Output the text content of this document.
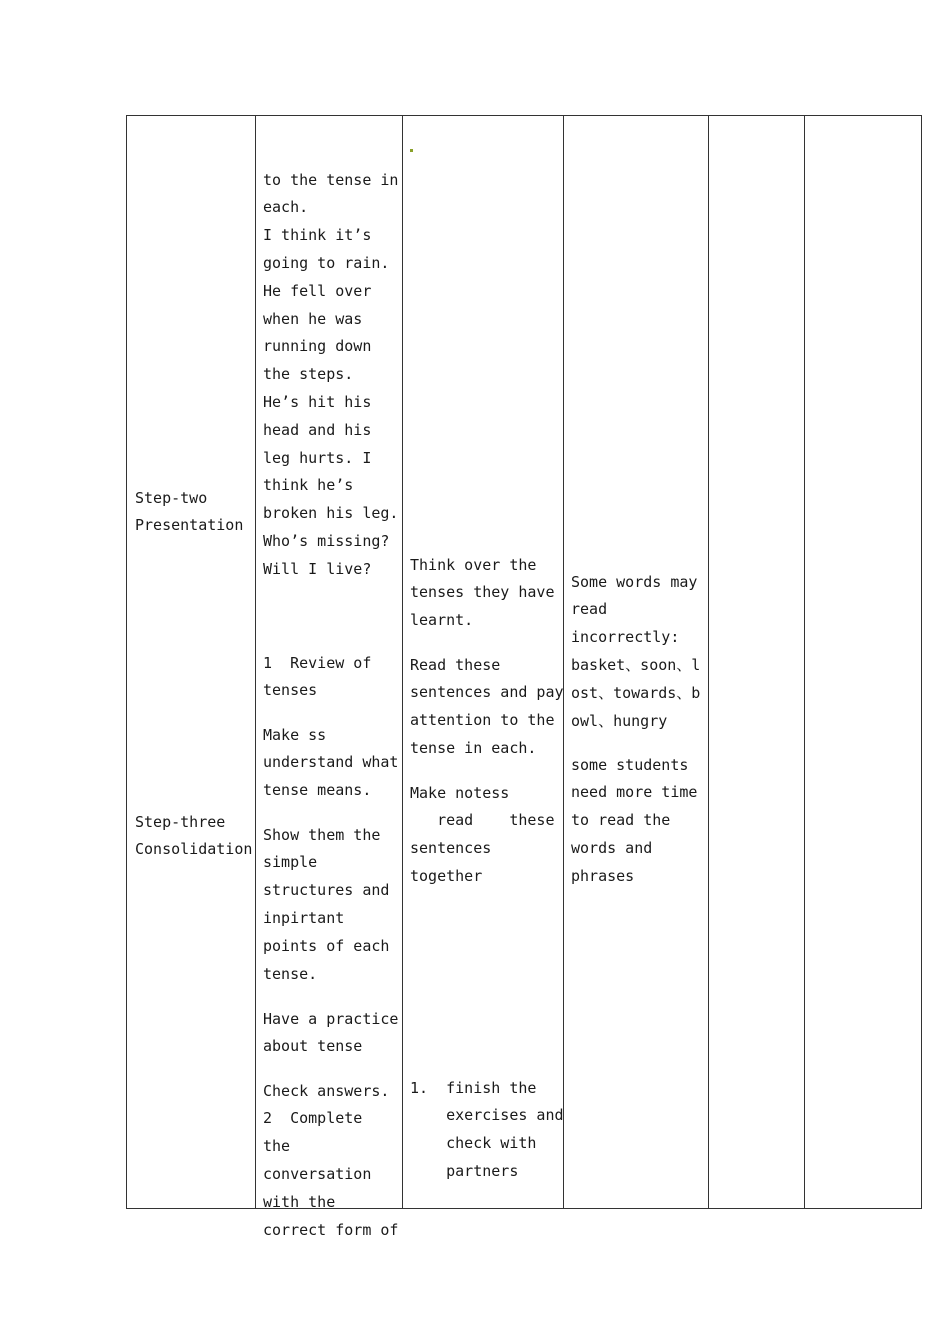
Step-two
Presentation

Step-three
Consolidation

to the tense in
each.
I think it’s
going to rain.
He fell over
when he was
running down
the steps.
He’s hit his
head and his
leg hurts. I
think he’s
broken his leg.
Who’s missing?
Will I live?

1  Review of
tenses

Make ss
understand what
tense means.

Show them the
simple
structures and
inpirtant
points of each
tense.

Have a practice
about tense

Check answers.
2  Complete
the
conversation
with the
correct form of

Think over the
tenses they have
learnt.

Read these
sentences and pay
attention to the
tense in each.

Make notess
read    these
sentences
together

1.  finish the
exercises and
check with
partners

Some words may
read
incorrectly:
basket、soon、l
ost、towards、b
owl、hungry

some students
need more time
to read the
words and
phrases
